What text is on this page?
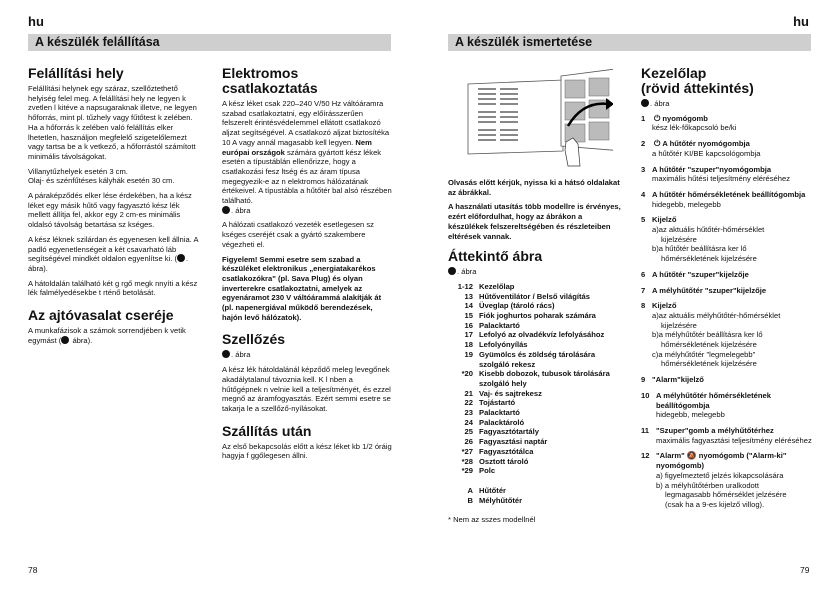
hu	hu
A készülék felállítása	A készülék ismertetése
Felállítási hely

Felállítási helynek egy száraz, szellőztethető helyiség felel meg. A felállítási hely ne legyen k zvetlen l kitéve a napsugaraknak illetve, ne legyen hőforrás, mint pl. tűzhely vagy fűtőtest k zelében. Ha a hőforrás k zelében való felállítás elker lhetetlen, használjon megfelelő szigetelőlemezt vagy tartsa be a k vetkező, a hőforrástól számított minimális távolságokat.

Villanytűzhelyek esetén 3 cm.
Olaj- és szénfűtéses kályhák esetén 30 cm.

A páraképződés elker lése érdekében, ha a kész léket egy másik hűtő vagy fagyasztó kész lék mellett állítja fel, akkor egy 2 cm-es minimális oldalsó távolság betartása sz kséges.

A kész léknek szilárdan és egyenesen kell állnia. A padló egyenetlenségeit a két csavarható láb segítségével mindkét oldalon egyenlítse ki. ( . ábra).

A hátoldalán található két g rgő megk nnyíti a kész lék falmélyedésekbe t rténő betolását.

Az ajtóvasalat cseréje

A munkafázisok a számok sorrendjében k vetik egymást ( ábra).

Elektromos csatlakoztatás

A kész léket csak 220–240 V/50 Hz váltóáramra szabad csatlakoztatni, egy előírásszerűen felszerelt érintésvédelemmel ellátott csatlakozó aljzat segítségével. A csatlakozó aljzat biztosítéka 10 A vagy annál magasabb kell legyen. Nem európai országok számára gyártott kész lékek esetén a típustáblán ellenőrizze, hogy a csatlakozási fesz ltség és az áram típusa megegyezik-e az n elektromos hálózatának értékeivel. A típustábla a hűtőtér bal alsó részében található.
. ábra

A hálózati csatlakozó vezeték esetlegesen sz kséges cseréjét csak a gyártó szakembere végezheti el.

Figyelem! Semmi esetre sem szabad a készüléket elektronikus „energiatakarékos csatlakozókra" (pl. Sava Plug) és olyan inverterekre csatlakoztatni, amelyek az egyenáramot 230 V váltóárammá alakítják át (pl. napenergiával működő berendezések, hajón levő hálózatok).

Szellőzés

. ábra

A kész lék hátoldalánál képződő meleg levegőnek akadálytalanul távoznia kell. K l nben a hűtőgépnek n velnie kell a teljesítményét, és ezzel megnő az áramfogyasztás. Ezért semmi esetre se takarja le a szellőző-nyílásokat.

Szállítás után

Az első bekapcsolás előtt a kész léket kb 1/2 óráig hagyja f ggőlegesen állni.

Olvasás előtt kérjük, nyissa ki a hátsó oldalakat az ábrákkal.

A használati utasítás több modellre is érvényes, ezért előfordulhat, hogy az ábrákon a készülékek felszereltségében és részleteiben eltérések vannak.

Áttekintő ábra

. ábra

1-12 Kezelőlap
13 Hűtőventilátor / Belső világítás
14 Üveglap (tároló rács)
15 Fiók joghurtos poharak számára
16 Palacktartó
17 Lefolyó az olvadékvíz lefolyásához
18 Lefolyónyílás
19 Gyümölcs és zöldség tárolására szolgáló rekesz
*20 Kisebb dobozok, tubusok tárolására szolgáló hely
21 Vaj- és sajtrekesz
22 Tojástartó
23 Palacktartó
24 Palacktároló
25 Fagyasztótartály
26 Fagyasztási naptár
*27 Fagyasztótálca
*28 Osztott tároló
*29 Polc
A Hűtőtér
B Mélyhűtőtér

* Nem az sszes modellnél

Kezelőlap
(rövid áttekintés)

. ábra

1	⏻ nyomógomb
kész lék-főkapcsoló be/ki
2	⏻ A hűtőtér nyomógombja
a hűtőtér KI/BE kapcsológombja
3 A hűtőtér "szuper"nyomógombja
maximális hűtési teljesítmény eléréséhez
4 A hűtőtér hőmérsékletének beállítógombja
hidegebb, melegebb
5 Kijelző
a)az aktuális hűtőtér-hőmérséklet
kijelzésére
b)a hűtőtér beállításra ker lő
hőmérsékletének kijelzésére
6 A hűtőtér "szuper"kijelzője
7 A mélyhűtőtér "szuper"kijelzője
8 Kijelző
a)az aktuális mélyhűtőtér-hőmérséklet
kijelzésére
b)a mélyhűtőtér beállításra ker lő
hőmérsékletének kijelzésére
c)a mélyhűtőtér "legmelegebb"
hőmérsékletének kijelzésére
9 "Alarm"kijelző
10 A mélyhűtőtér hőmérsékletének beállítógombja
hidegebb, melegebb
11 "Szuper"gomb a mélyhűtőtérhez
maximális fagyasztási teljesítmény eléréséhez
12 "Alarm" 🔕 nyomógomb ("Alarm-ki" nyomógomb)
a) figyelmeztető jelzés kikapcsolására
b) a mélyhűtőtérben uralkodott
legmagasabb hőmérséklet jelzésére
(csak ha a 9-es kijelző villog).
78	79
